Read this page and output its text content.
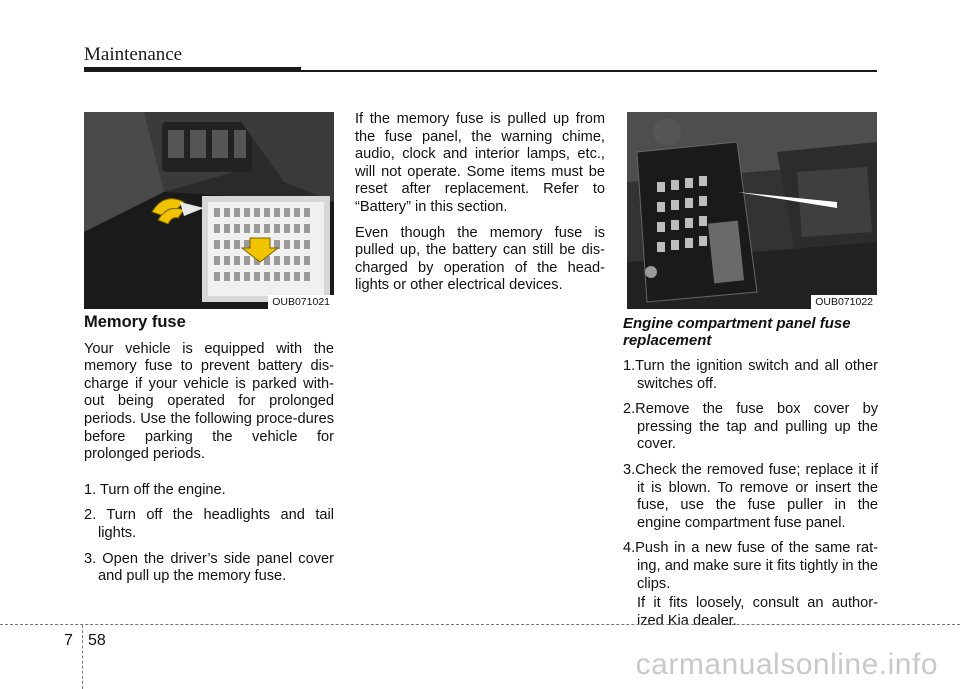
Maintenance
OUB071021	OUB071022
Memory fuse

Your vehicle is equipped with the memory fuse to prevent battery dis-charge if your vehicle is parked with-out being operated for prolonged periods. Use the following proce-dures before parking the vehicle for prolonged periods.

1. Turn off the engine.

2. Turn off the headlights and tail lights.

3. Open the driver’s side panel cover and pull up the memory fuse.

If the memory fuse is pulled up from the fuse panel, the warning chime, audio, clock and interior lamps, etc., will not operate. Some items must be reset after replacement. Refer to “Battery” in this section.

Even though the memory fuse is pulled up, the battery can still be dis-charged by operation of the head-lights or other electrical devices.

Engine compartment panel fuse replacement

1.Turn the ignition switch and all other switches off.

2.Remove the fuse box cover by pressing the tap and pulling up the cover.

3.Check the removed fuse; replace it if it is blown. To remove or insert the fuse, use the fuse puller in the engine compartment fuse panel.

4.Push in a new fuse of the same rat-ing, and make sure it fits tightly in the clips.

If it fits loosely, consult an author-ized Kia dealer.

7 58
carmanualsonline.info
